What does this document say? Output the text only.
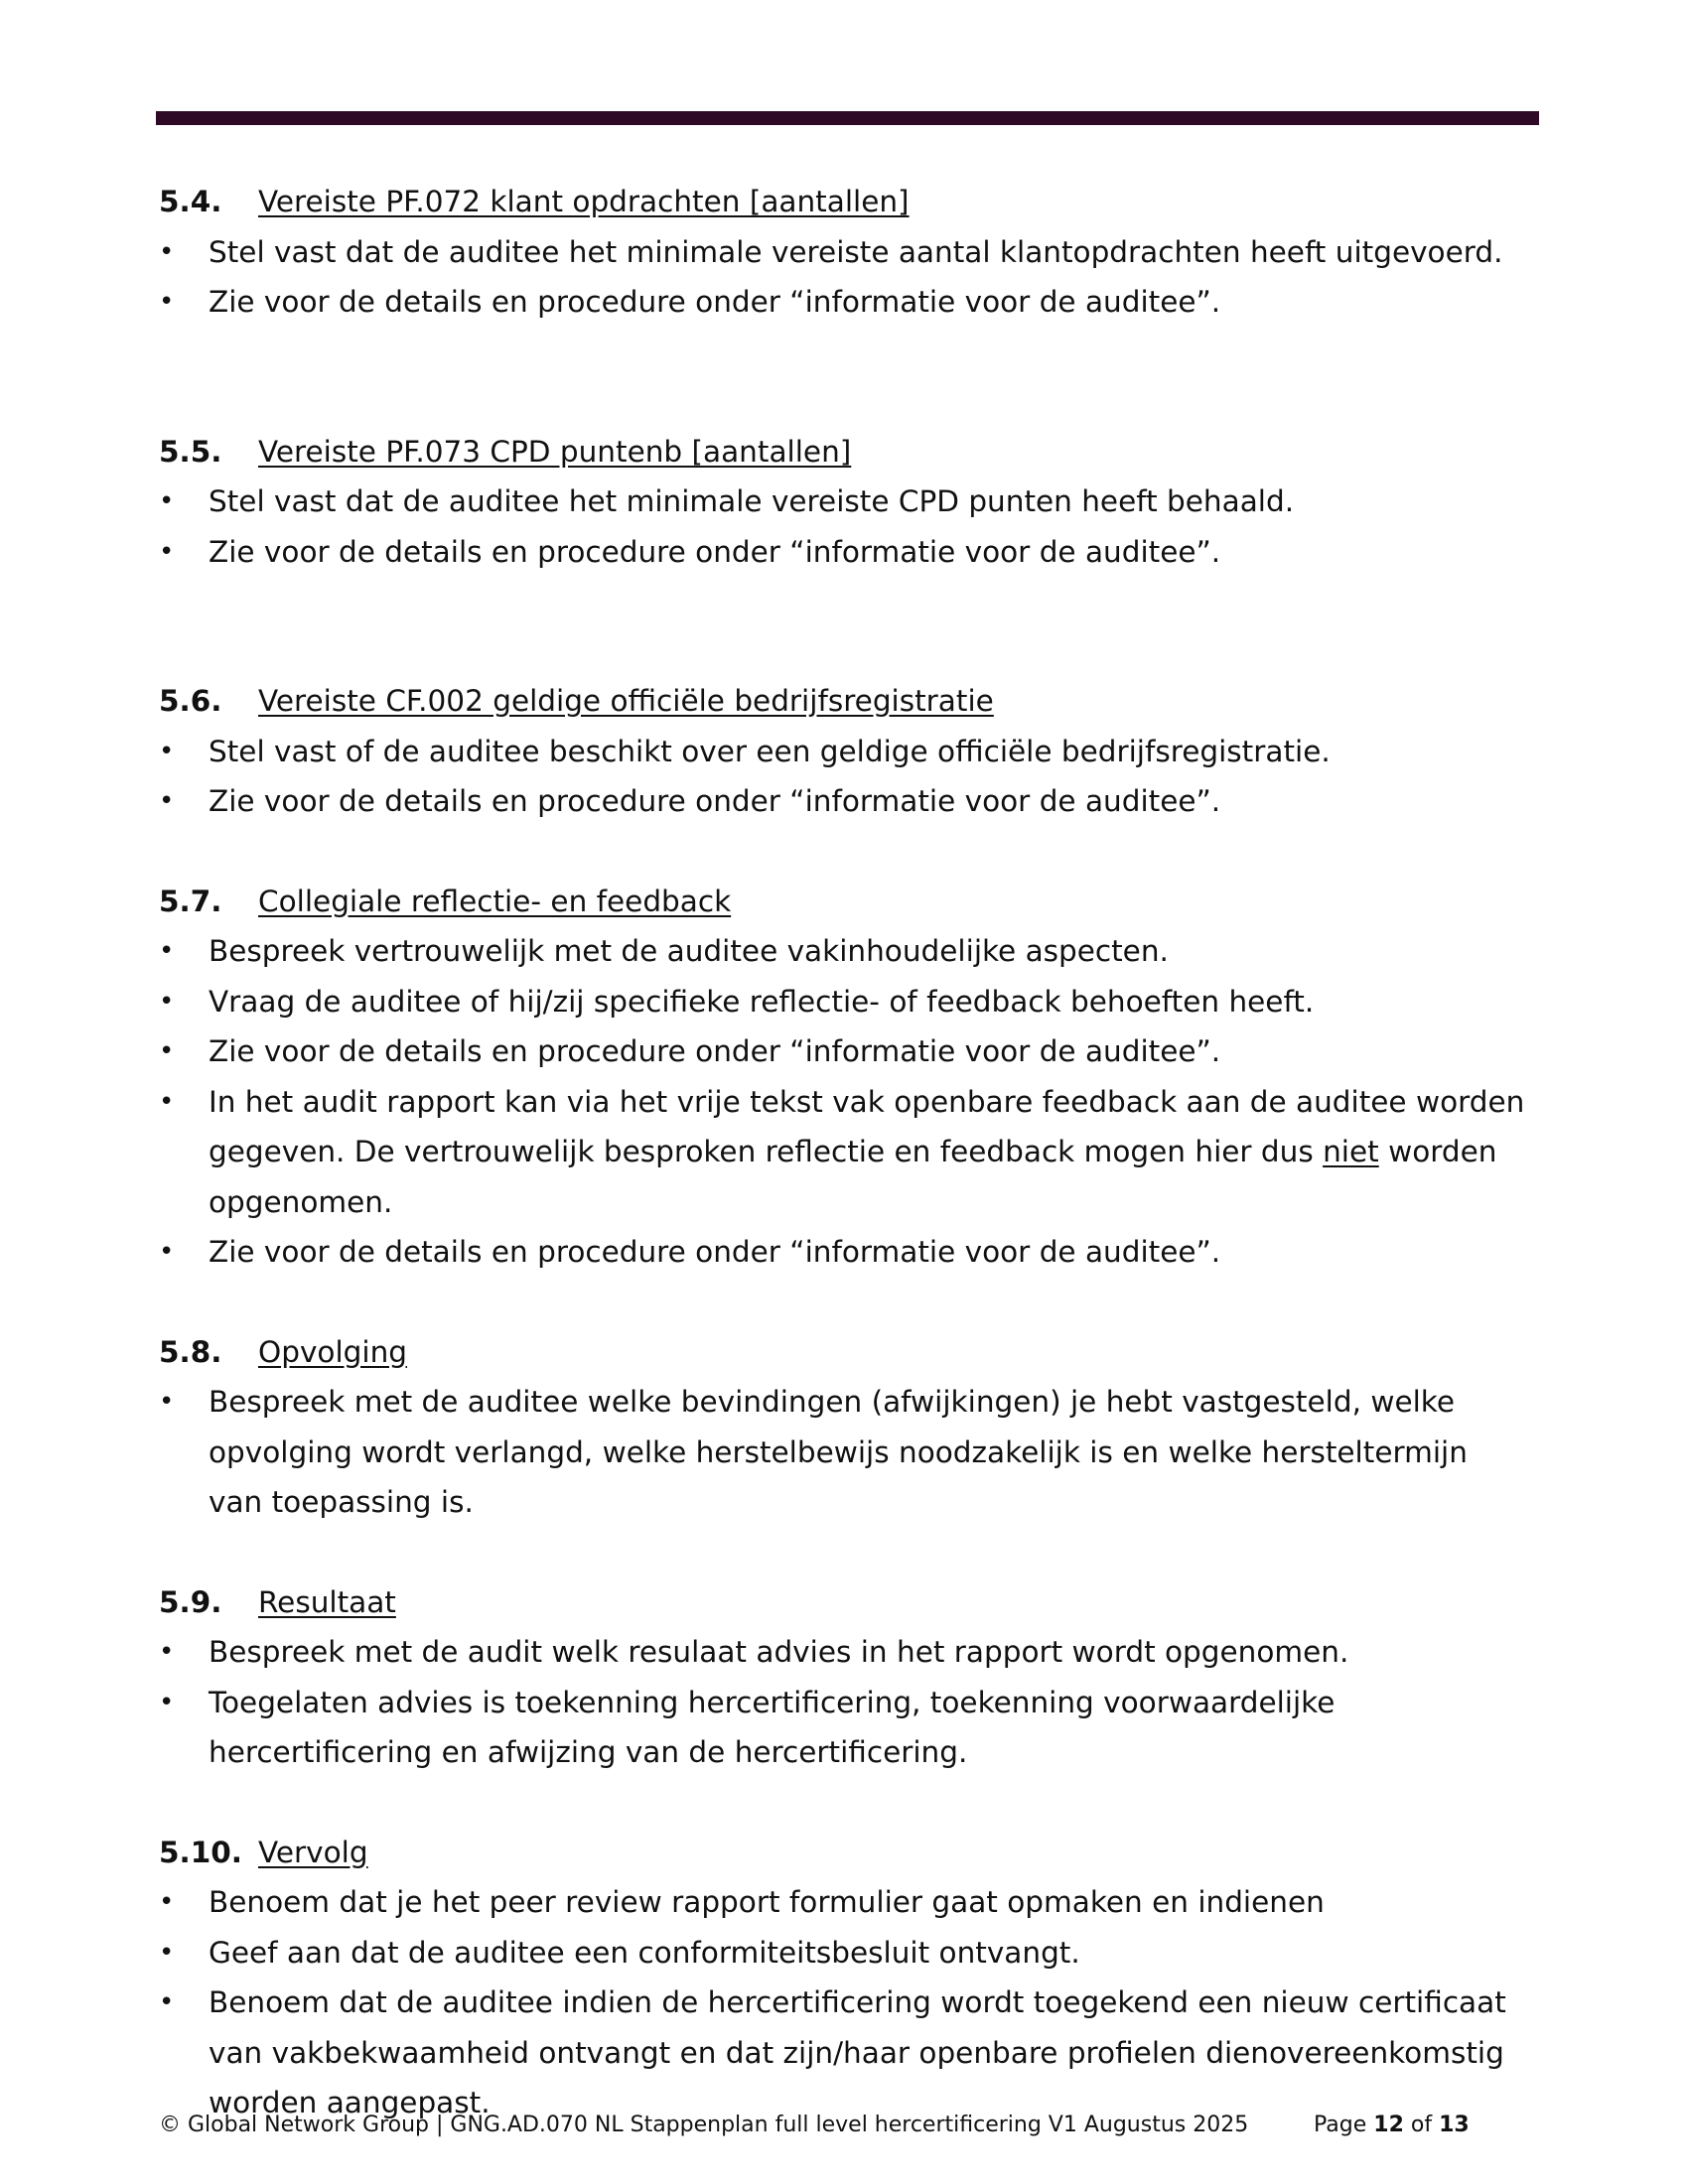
5.4.	Vereiste PF.072 klant opdrachten [aantallen]
• Stel vast dat de auditee het minimale vereiste aantal klantopdrachten heeft uitgevoerd.
• Zie voor de details en procedure onder “informatie voor de auditee”.
5.5.	Vereiste PF.073 CPD puntenb [aantallen]
• Stel vast dat de auditee het minimale vereiste CPD punten heeft behaald.
• Zie voor de details en procedure onder “informatie voor de auditee”.
5.6.	Vereiste CF.002 geldige officiële bedrijfsregistratie
• Stel vast of de auditee beschikt over een geldige officiële bedrijfsregistratie.
• Zie voor de details en procedure onder “informatie voor de auditee”.
5.7.	Collegiale reflectie- en feedback
• Bespreek vertrouwelijk met de auditee vakinhoudelijke aspecten.
• Vraag de auditee of hij/zij specifieke reflectie- of feedback behoeften heeft.
• Zie voor de details en procedure onder “informatie voor de auditee”.
• In het audit rapport kan via het vrije tekst vak openbare feedback aan de auditee worden gegeven. De vertrouwelijk besproken reflectie en feedback mogen hier dus niet worden opgenomen.
• Zie voor de details en procedure onder “informatie voor de auditee”.
5.8.	Opvolging
• Bespreek met de auditee welke bevindingen (afwijkingen) je hebt vastgesteld, welke opvolging wordt verlangd, welke herstelbewijs noodzakelijk is en welke hersteltermijn van toepassing is.
5.9.	Resultaat
• Bespreek met de audit welk resulaat advies in het rapport wordt opgenomen.
• Toegelaten advies is toekenning hercertificering, toekenning voorwaardelijke hercertificering en afwijzing van de hercertificering.
5.10. Vervolg
• Benoem dat je het peer review rapport formulier gaat opmaken en indienen
• Geef aan dat de auditee een conformiteitsbesluit ontvangt.
• Benoem dat de auditee indien de hercertificering wordt toegekend een nieuw certificaat van vakbekwaamheid ontvangt en dat zijn/haar openbare profielen dienovereenkomstig worden aangepast.
© Global Network Group | GNG.AD.070 NL Stappenplan full level hercertificering V1 Augustus 2025	Page 12 of 13
